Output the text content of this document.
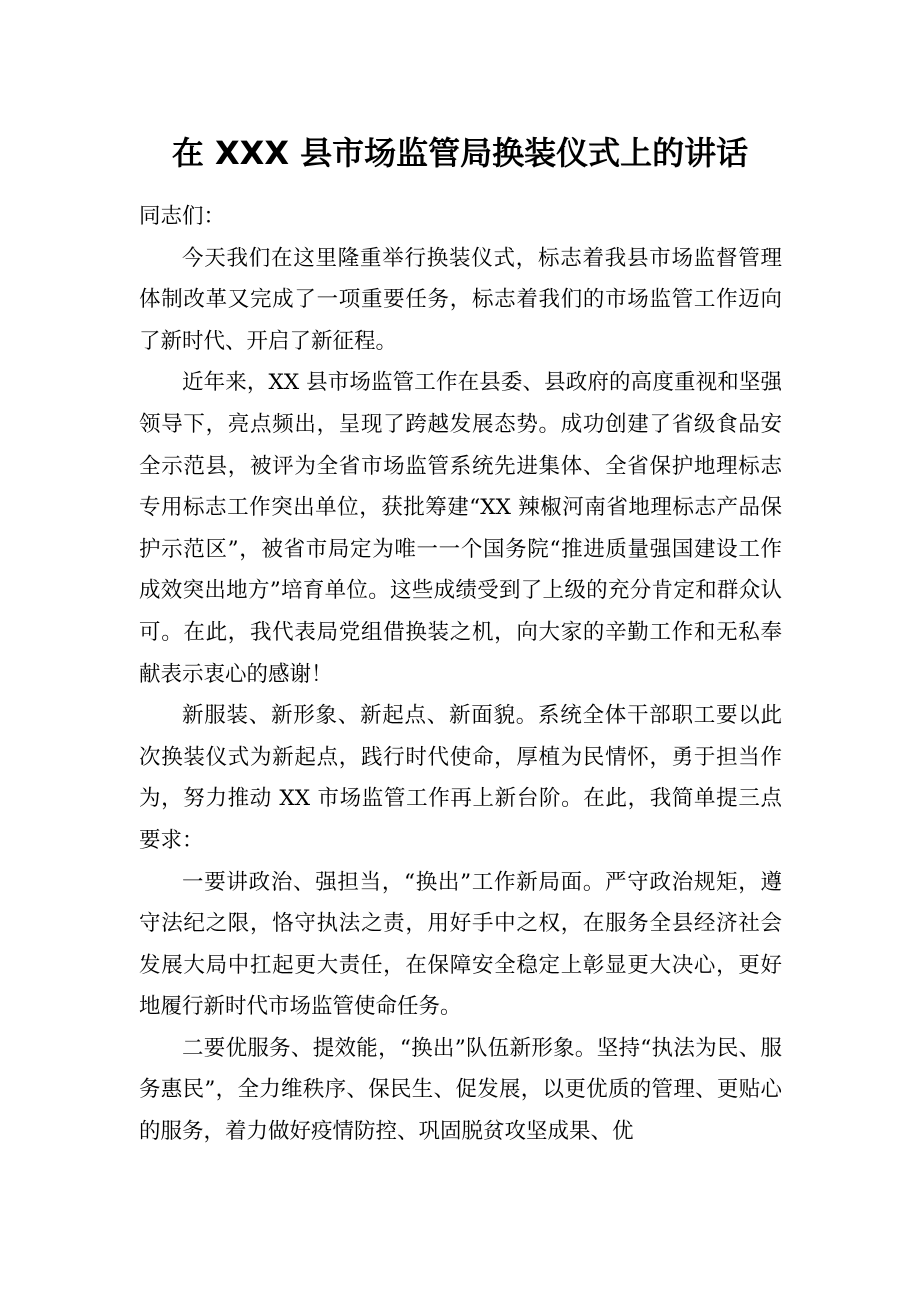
在 XXX 县市场监管局换装仪式上的讲话

同志们：

今天我们在这里隆重举行换装仪式，标志着我县市场监督管理体制改革又完成了一项重要任务，标志着我们的市场监管工作迈向了新时代、开启了新征程。

近年来，XX 县市场监管工作在县委、县政府的高度重视和坚强领导下，亮点频出，呈现了跨越发展态势。成功创建了省级食品安全示范县，被评为全省市场监管系统先进集体、全省保护地理标志专用标志工作突出单位，获批筹建“XX 辣椒河南省地理标志产品保护示范区”，被省市局定为唯一一个国务院“推进质量强国建设工作成效突出地方”培育单位。这些成绩受到了上级的充分肯定和群众认可。在此，我代表局党组借换装之机，向大家的辛勤工作和无私奉献表示衷心的感谢！

新服装、新形象、新起点、新面貌。系统全体干部职工要以此次换装仪式为新起点，践行时代使命，厚植为民情怀，勇于担当作为，努力推动 XX 市场监管工作再上新台阶。在此，我简单提三点要求：

一要讲政治、强担当，“换出”工作新局面。严守政治规矩，遵守法纪之限，恪守执法之责，用好手中之权，在服务全县经济社会发展大局中扛起更大责任，在保障安全稳定上彰显更大决心，更好地履行新时代市场监管使命任务。

二要优服务、提效能，“换出”队伍新形象。坚持“执法为民、服务惠民”，全力维秩序、保民生、促发展，以更优质的管理、更贴心的服务，着力做好疫情防控、巩固脱贫攻坚成果、优
